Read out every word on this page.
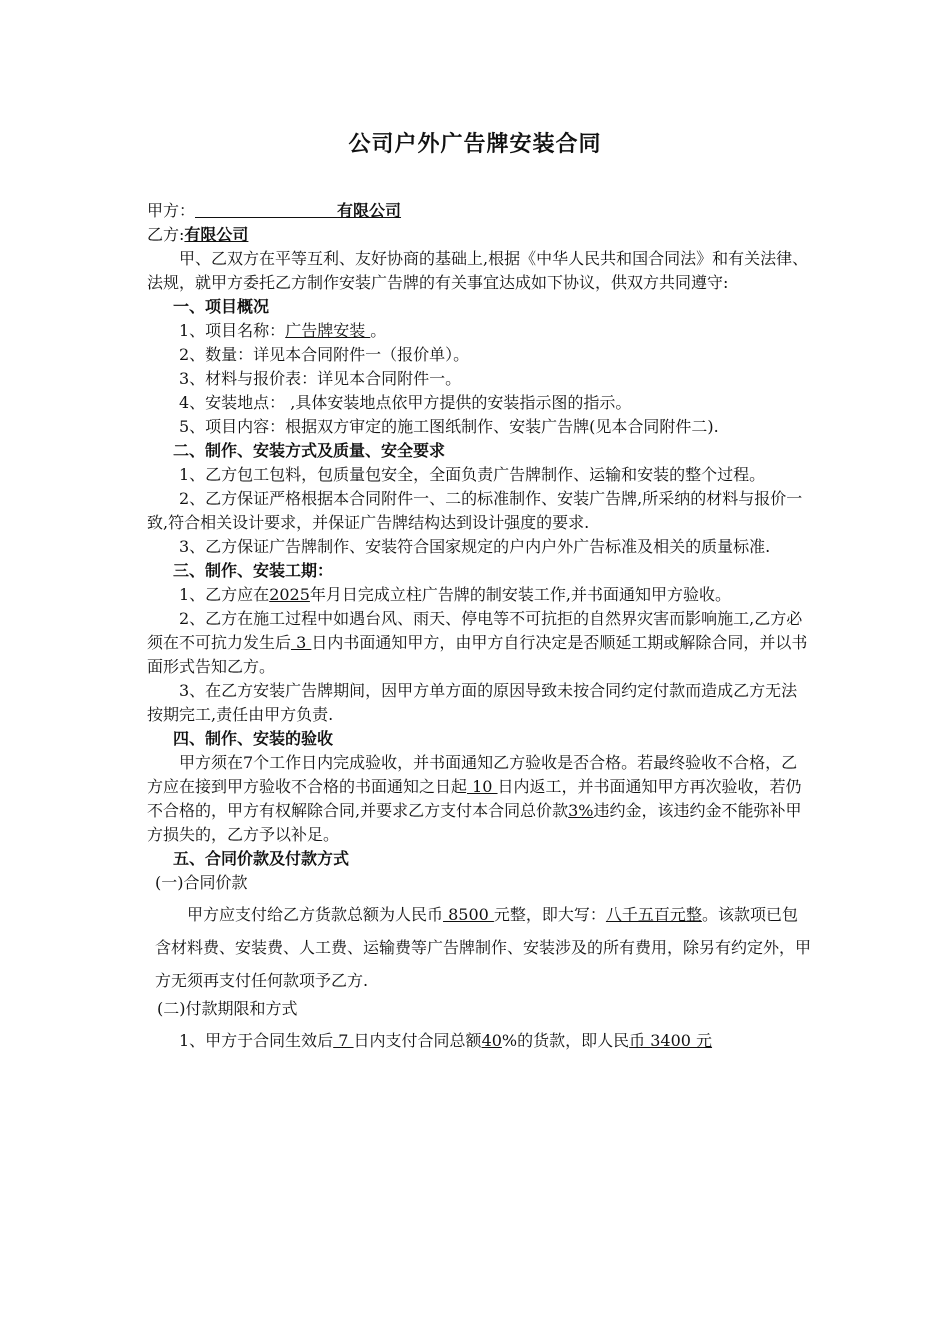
公司户外广告牌安装合同

甲方：	有限公司

乙方:有限公司

甲、乙双方在平等互利、友好协商的基础上,根据《中华人民共和国合同法》和有关法律、法规，就甲方委托乙方制作安装广告牌的有关事宜达成如下协议，供双方共同遵守:

一、项目概况

1、项目名称：广告牌安装 。

2、数量：详见本合同附件一（报价单）。

3、材料与报价表：详见本合同附件一。

4、安装地点： ,具体安装地点依甲方提供的安装指示图的指示。

5、项目内容：根据双方审定的施工图纸制作、安装广告牌(见本合同附件二).

二、制作、安装方式及质量、安全要求

1、乙方包工包料，包质量包安全，全面负责广告牌制作、运输和安装的整个过程。

2、乙方保证严格根据本合同附件一、二的标准制作、安装广告牌,所采纳的材料与报价一致,符合相关设计要求，并保证广告牌结构达到设计强度的要求.

3、乙方保证广告牌制作、安装符合国家规定的户内户外广告标准及相关的质量标准.

三、制作、安装工期：

1、乙方应在2025年月日完成立柱广告牌的制安装工作,并书面通知甲方验收。

2、乙方在施工过程中如遇台风、雨天、停电等不可抗拒的自然界灾害而影响施工,乙方必须在不可抗力发生后 3 日内书面通知甲方，由甲方自行决定是否顺延工期或解除合同，并以书面形式告知乙方。

3、在乙方安装广告牌期间，因甲方单方面的原因导致未按合同约定付款而造成乙方无法按期完工,责任由甲方负责.

四、制作、安装的验收

甲方须在7个工作日内完成验收，并书面通知乙方验收是否合格。若最终验收不合格，乙方应在接到甲方验收不合格的书面通知之日起 10 日内返工，并书面通知甲方再次验收，若仍不合格的，甲方有权解除合同,并要求乙方支付本合同总价款3%违约金，该违约金不能弥补甲方损失的，乙方予以补足。

五、合同价款及付款方式

(一)合同价款

甲方应支付给乙方货款总额为人民币 8500 元整，即大写：八千五百元整。该款项已包含材料费、安装费、人工费、运输费等广告牌制作、安装涉及的所有费用，除另有约定外，甲方无须再支付任何款项予乙方.

(二)付款期限和方式

1、甲方于合同生效后 7 日内支付合同总额40%的货款，即人民币 3400 元
